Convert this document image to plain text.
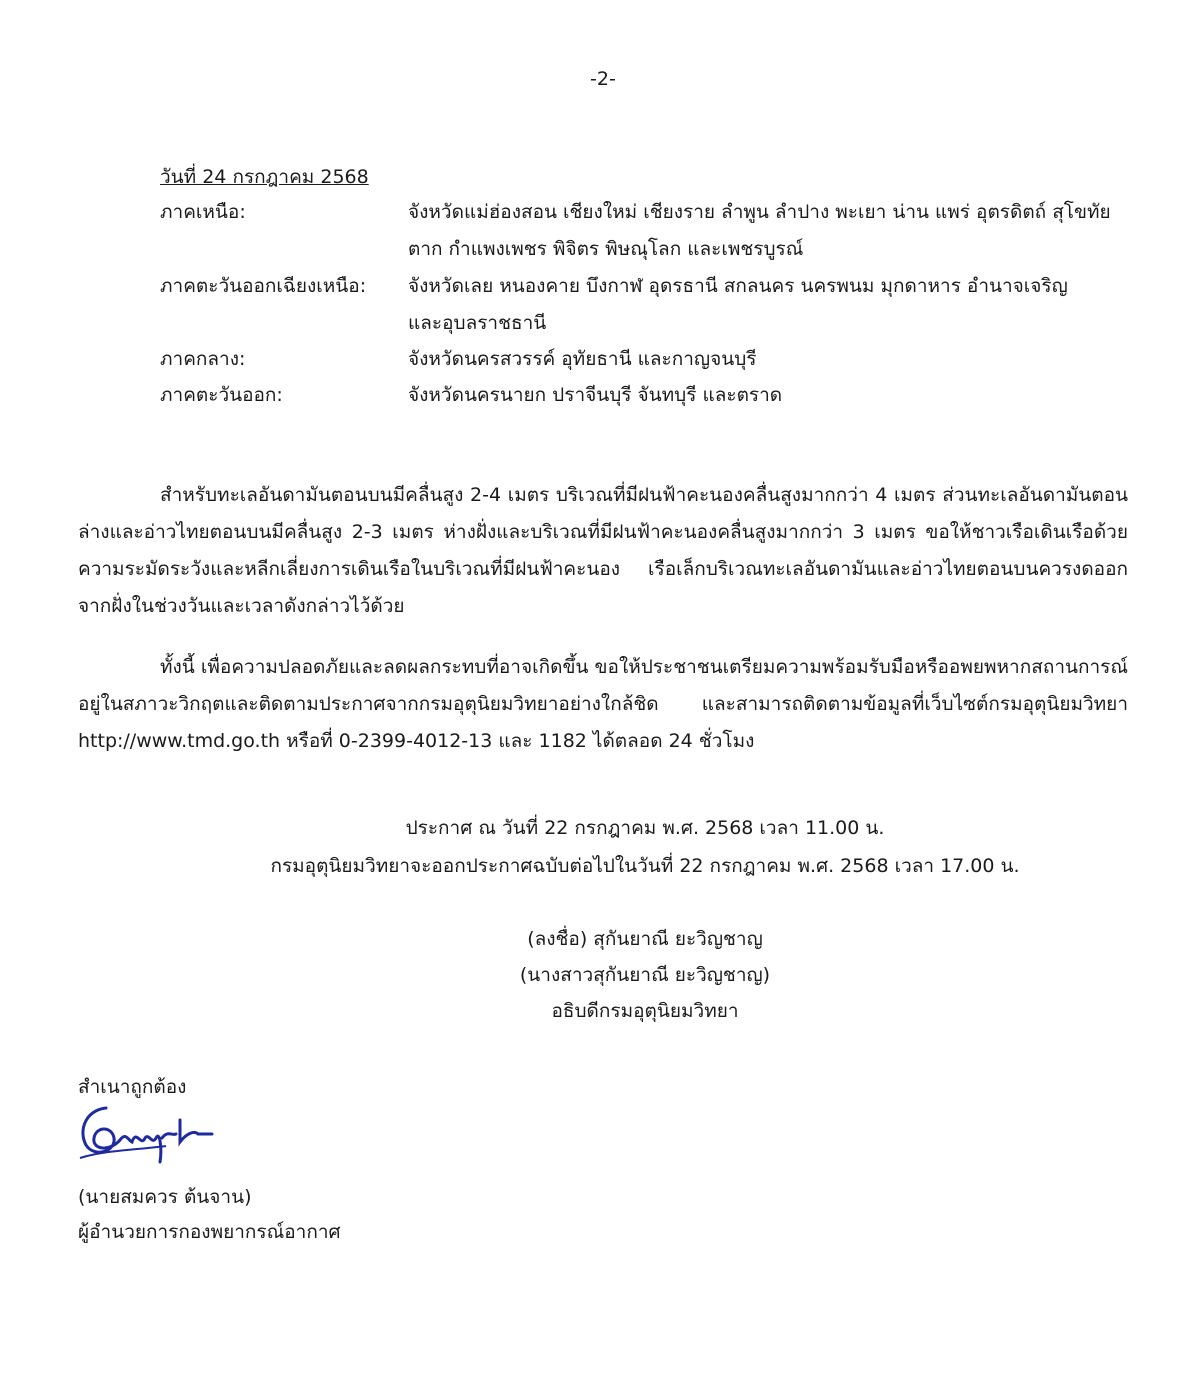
-2-
วันที่ 24 กรกฎาคม 2568
ภาคเหนือ:	จังหวัดแม่ฮ่องสอน เชียงใหม่ เชียงราย ลำพูน ลำปาง พะเยา น่าน แพร่ อุตรดิตถ์ สุโขทัย
ตาก กำแพงเพชร พิจิตร พิษณุโลก และเพชรบูรณ์
ภาคตะวันออกเฉียงเหนือ: จังหวัดเลย หนองคาย บึงกาฬ อุดรธานี สกลนคร นครพนม มุกดาหาร อำนาจเจริญ
และอุบลราชธานี
ภาคกลาง:	จังหวัดนครสวรรค์ อุทัยธานี และกาญจนบุรี
ภาคตะวันออก:	จังหวัดนครนายก ปราจีนบุรี จันทบุรี และตราด
สำหรับทะเลอันดามันตอนบนมีคลื่นสูง 2-4 เมตร บริเวณที่มีฝนฟ้าคะนองคลื่นสูงมากกว่า 4 เมตร ส่วนทะเลอันดามันตอนล่างและอ่าวไทยตอนบนมีคลื่นสูง 2-3 เมตร ห่างฝั่งและบริเวณที่มีฝนฟ้าคะนองคลื่นสูงมากกว่า 3 เมตร ขอให้ชาวเรือเดินเรือด้วยความระมัดระวังและหลีกเลี่ยงการเดินเรือในบริเวณที่มีฝนฟ้าคะนอง เรือเล็กบริเวณทะเลอันดามันและอ่าวไทยตอนบนควรงดออกจากฝั่งในช่วงวันและเวลาดังกล่าวไว้ด้วย
ทั้งนี้ เพื่อความปลอดภัยและลดผลกระทบที่อาจเกิดขึ้น ขอให้ประชาชนเตรียมความพร้อมรับมือหรืออพยพหากสถานการณ์อยู่ในสภาวะวิกฤตและติดตามประกาศจากกรมอุตุนิยมวิทยาอย่างใกล้ชิด และสามารถติดตามข้อมูลที่เว็บไซต์กรมอุตุนิยมวิทยา http://www.tmd.go.th หรือที่ 0-2399-4012-13 และ 1182 ได้ตลอด 24 ชั่วโมง
ประกาศ ณ วันที่ 22 กรกฎาคม พ.ศ. 2568 เวลา 11.00 น.
กรมอุตุนิยมวิทยาจะออกประกาศฉบับต่อไปในวันที่ 22 กรกฎาคม พ.ศ. 2568 เวลา 17.00 น.
(ลงชื่อ) สุกันยาณี ยะวิญชาญ
(นางสาวสุกันยาณี ยะวิญชาญ)
อธิบดีกรมอุตุนิยมวิทยา
สำเนาถูกต้อง
(นายสมควร ต้นจาน)
ผู้อำนวยการกองพยากรณ์อากาศ
